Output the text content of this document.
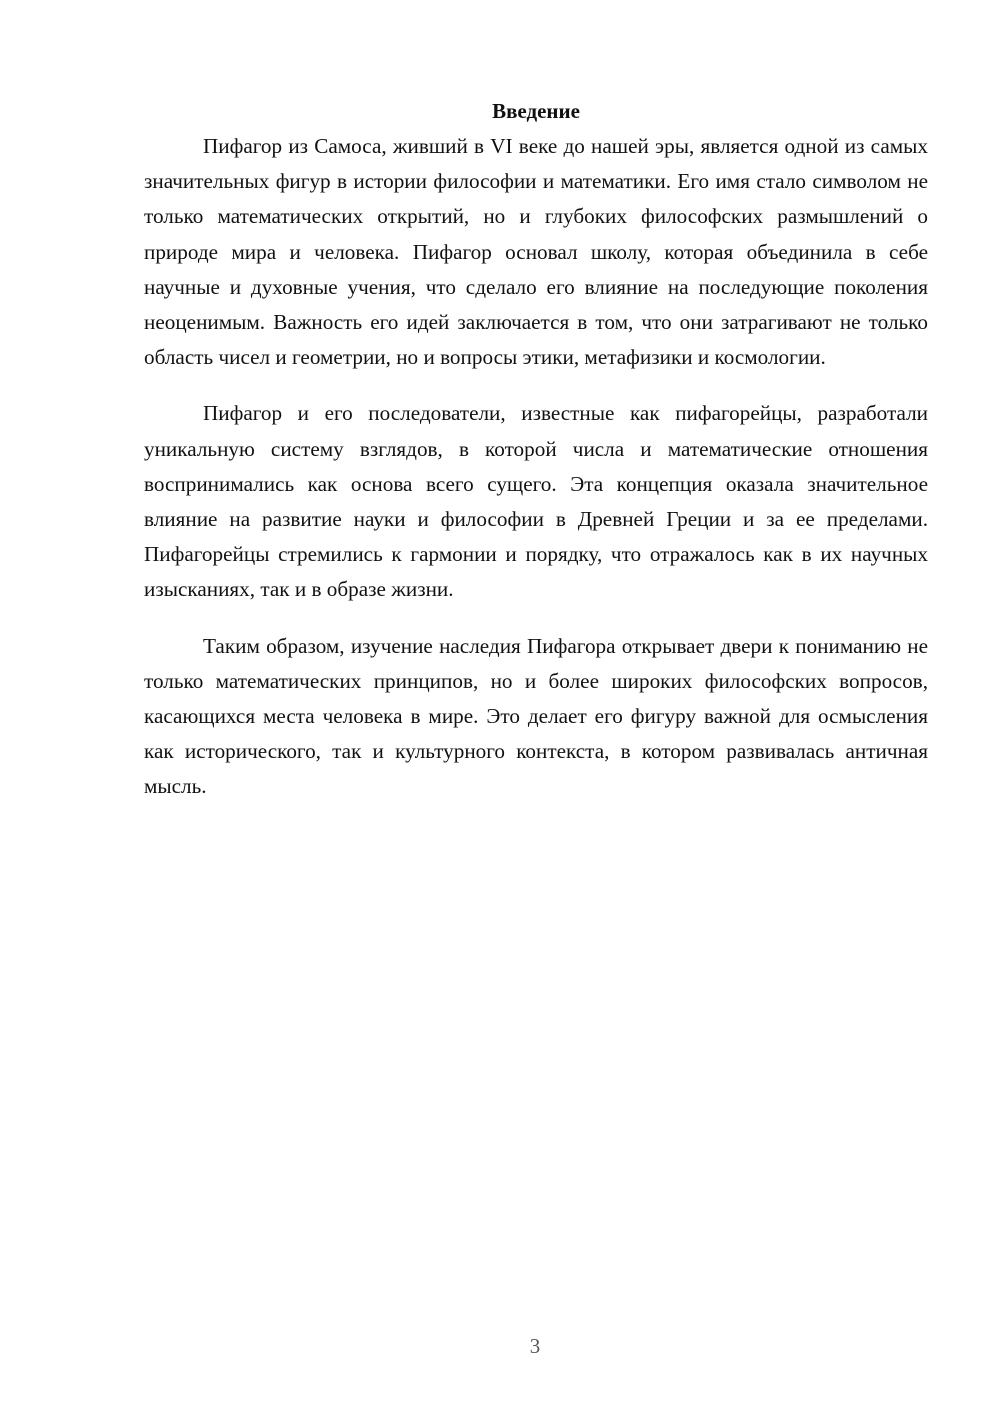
Введение

Пифагор из Самоса, живший в VI веке до нашей эры, является одной из самых значительных фигур в истории философии и математики. Его имя стало символом не только математических открытий, но и глубоких философских размышлений о природе мира и человека. Пифагор основал школу, которая объединила в себе научные и духовные учения, что сделало его влияние на последующие поколения неоценимым. Важность его идей заключается в том, что они затрагивают не только область чисел и геометрии, но и вопросы этики, метафизики и космологии.

Пифагор и его последователи, известные как пифагорейцы, разработали уникальную систему взглядов, в которой числа и математические отношения воспринимались как основа всего сущего. Эта концепция оказала значительное влияние на развитие науки и философии в Древней Греции и за ее пределами. Пифагорейцы стремились к гармонии и порядку, что отражалось как в их научных изысканиях, так и в образе жизни.

Таким образом, изучение наследия Пифагора открывает двери к пониманию не только математических принципов, но и более широких философских вопросов, касающихся места человека в мире. Это делает его фигуру важной для осмысления как исторического, так и культурного контекста, в котором развивалась античная мысль.

3
